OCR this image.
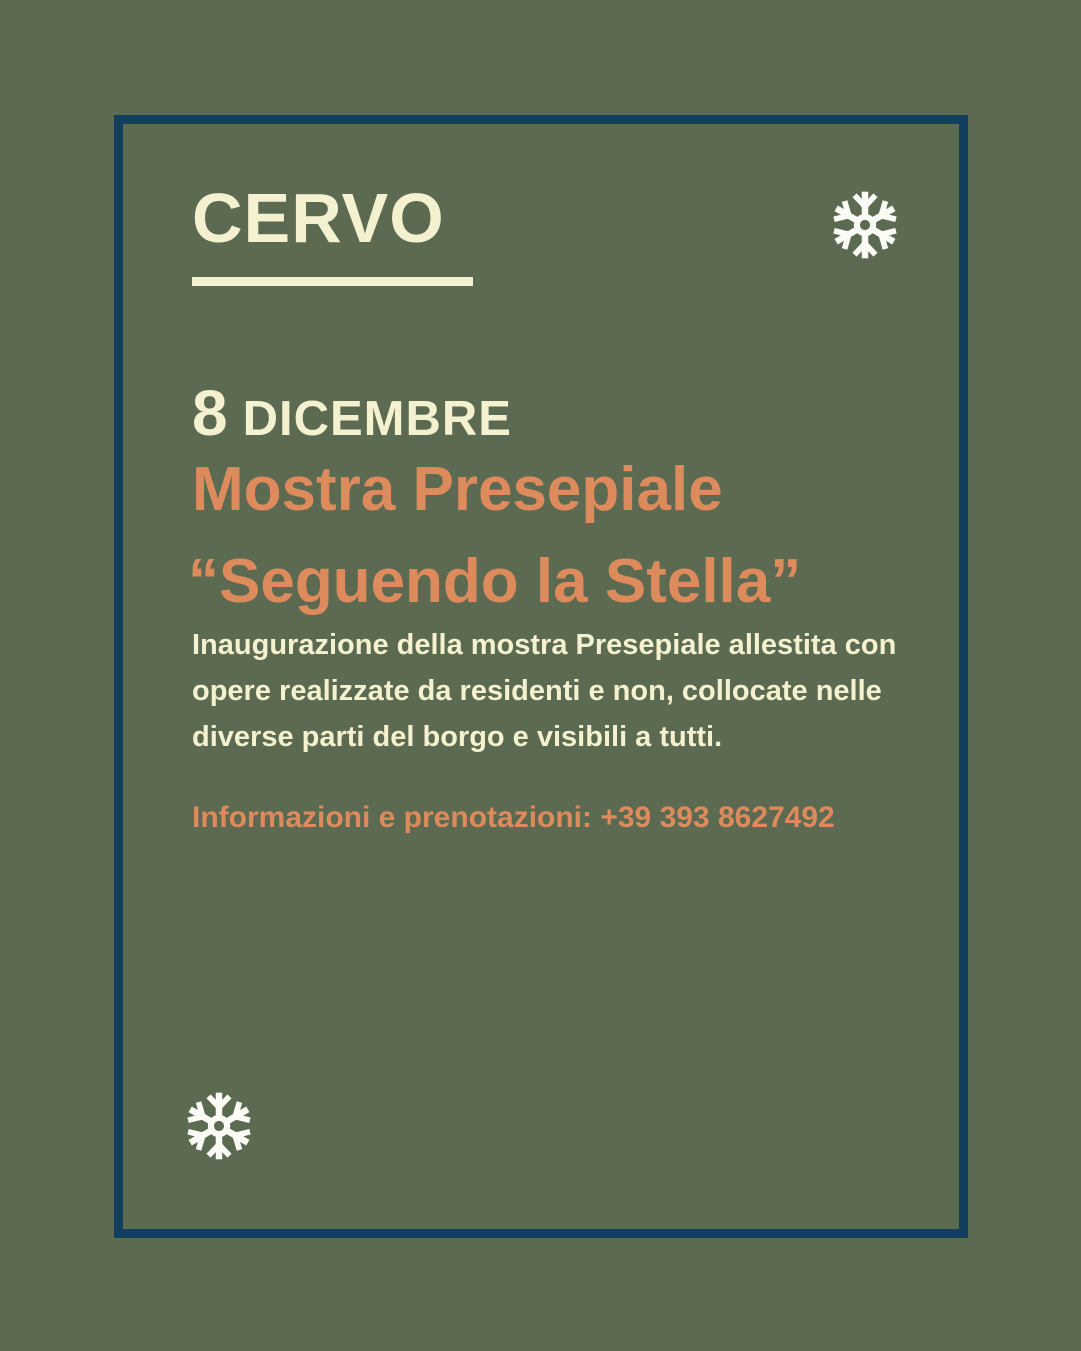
CERVO
8 DICEMBRE
Mostra Presepiale
“Seguendo la Stella”
Inaugurazione della mostra Presepiale allestita con
opere realizzate da residenti e non, collocate nelle
diverse parti del borgo e visibili a tutti.
Informazioni e prenotazioni: +39 393 8627492
